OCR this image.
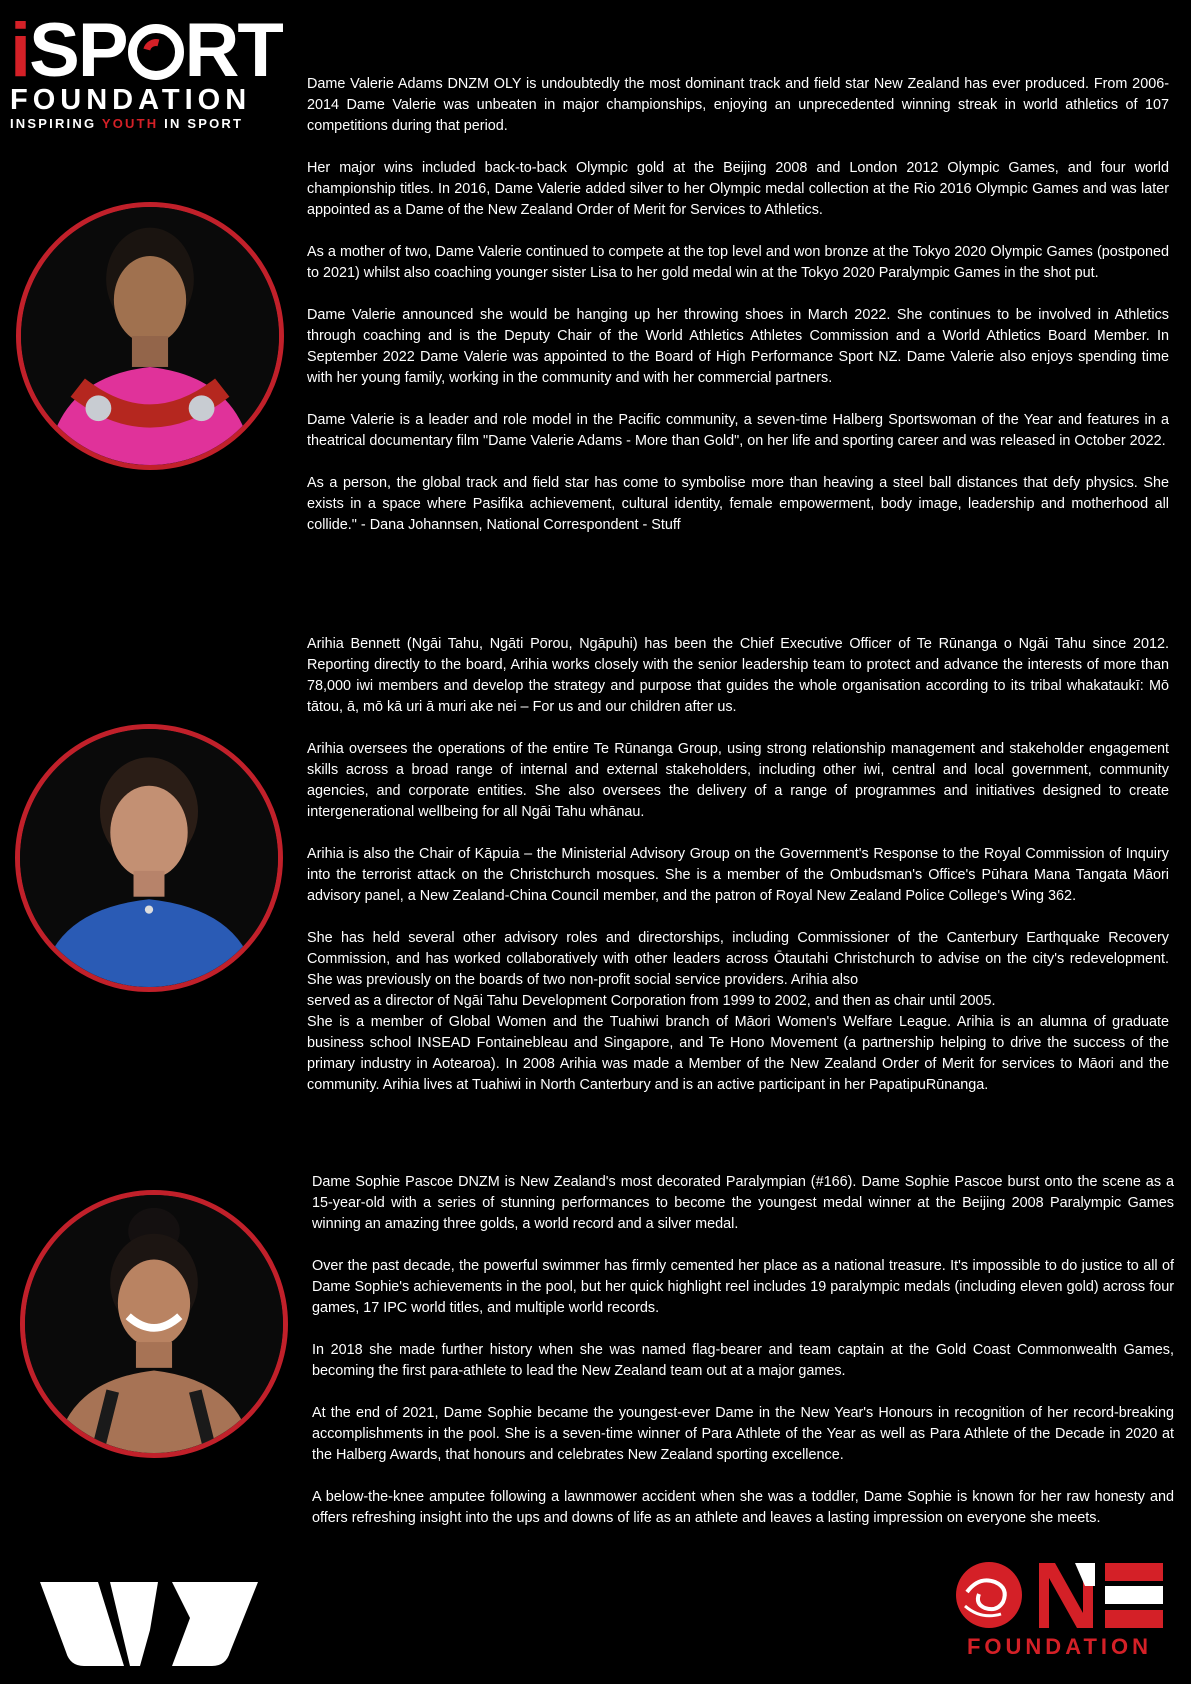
iSP RT
FOUNDATION
INSPIRING YOUTH IN SPORT

Dame Valerie Adams DNZM OLY is undoubtedly the most dominant track and field star New Zealand has ever produced. From 2006-2014 Dame Valerie was unbeaten in major championships, enjoying an unprecedented winning streak in world athletics of 107 competitions during that period.

Her major wins included back-to-back Olympic gold at the Beijing 2008 and London 2012 Olympic Games, and four world championship titles. In 2016, Dame Valerie added silver to her Olympic medal collection at the Rio 2016 Olympic Games and was later appointed as a Dame of the New Zealand Order of Merit for Services to Athletics.

As a mother of two, Dame Valerie continued to compete at the top level and won bronze at the Tokyo 2020 Olympic Games (postponed to 2021) whilst also coaching younger sister Lisa to her gold medal win at the Tokyo 2020 Paralympic Games in the shot put.

Dame Valerie announced she would be hanging up her throwing shoes in March 2022. She continues to be involved in Athletics through coaching and is the Deputy Chair of the World Athletics Athletes Commission and a World Athletics Board Member. In September 2022 Dame Valerie was appointed to the Board of High Performance Sport NZ. Dame Valerie also enjoys spending time with her young family, working in the community and with her commercial partners.

Dame Valerie is a leader and role model in the Pacific community, a seven-time Halberg Sportswoman of the Year and features in a theatrical documentary film "Dame Valerie Adams - More than Gold", on her life and sporting career and was released in October 2022.

As a person, the global track and field star has come to symbolise more than heaving a steel ball distances that defy physics. She exists in a space where Pasifika achievement, cultural identity, female empowerment, body image, leadership and motherhood all collide." - Dana Johannsen, National Correspondent - Stuff

Arihia Bennett (Ngāi Tahu, Ngāti Porou, Ngāpuhi) has been the Chief Executive Officer of Te Rūnanga o Ngāi Tahu since 2012. Reporting directly to the board, Arihia works closely with the senior leadership team to protect and advance the interests of more than 78,000 iwi members and develop the strategy and purpose that guides the whole organisation according to its tribal whakataukī: Mō tātou, ā, mō kā uri ā muri ake nei – For us and our children after us.

Arihia oversees the operations of the entire Te Rūnanga Group, using strong relationship management and stakeholder engagement skills across a broad range of internal and external stakeholders, including other iwi, central and local government, community agencies, and corporate entities. She also oversees the delivery of a range of programmes and initiatives designed to create intergenerational wellbeing for all Ngāi Tahu whānau.

Arihia is also the Chair of Kāpuia – the Ministerial Advisory Group on the Government's Response to the Royal Commission of Inquiry into the terrorist attack on the Christchurch mosques. She is a member of the Ombudsman's Office's Pūhara Mana Tangata Māori advisory panel, a New Zealand-China Council member, and the patron of Royal New Zealand Police College's Wing 362.

She has held several other advisory roles and directorships, including Commissioner of the Canterbury Earthquake Recovery Commission, and has worked collaboratively with other leaders across Ōtautahi Christchurch to advise on the city's redevelopment. She was previously on the boards of two non-profit social service providers. Arihia also

served as a director of Ngāi Tahu Development Corporation from 1999 to 2002, and then as chair until 2005.

She is a member of Global Women and the Tuahiwi branch of Māori Women's Welfare League. Arihia is an alumna of graduate business school INSEAD Fontainebleau and Singapore, and Te Hono Movement (a partnership helping to drive the success of the primary industry in Aotearoa). In 2008 Arihia was made a Member of the New Zealand Order of Merit for services to Māori and the community. Arihia lives at Tuahiwi in North Canterbury and is an active participant in her PapatipuRūnanga.

Dame Sophie Pascoe DNZM is New Zealand's most decorated Paralympian (#166). Dame Sophie Pascoe burst onto the scene as a 15-year-old with a series of stunning performances to become the youngest medal winner at the Beijing 2008 Paralympic Games winning an amazing three golds, a world record and a silver medal.

Over the past decade, the powerful swimmer has firmly cemented her place as a national treasure. It's impossible to do justice to all of Dame Sophie's achievements in the pool, but her quick highlight reel includes 19 paralympic medals (including eleven gold) across four games, 17 IPC world titles, and multiple world records.

In 2018 she made further history when she was named flag-bearer and team captain at the Gold Coast Commonwealth Games, becoming the first para-athlete to lead the New Zealand team out at a major games.

At the end of 2021, Dame Sophie became the youngest-ever Dame in the New Year's Honours in recognition of her record-breaking accomplishments in the pool. She is a seven-time winner of Para Athlete of the Year as well as Para Athlete of the Decade in 2020 at the Halberg Awards, that honours and celebrates New Zealand sporting excellence.

A below-the-knee amputee following a lawnmower accident when she was a toddler, Dame Sophie is known for her raw honesty and offers refreshing insight into the ups and downs of life as an athlete and leaves a lasting impression on everyone she meets.

FOUNDATION
